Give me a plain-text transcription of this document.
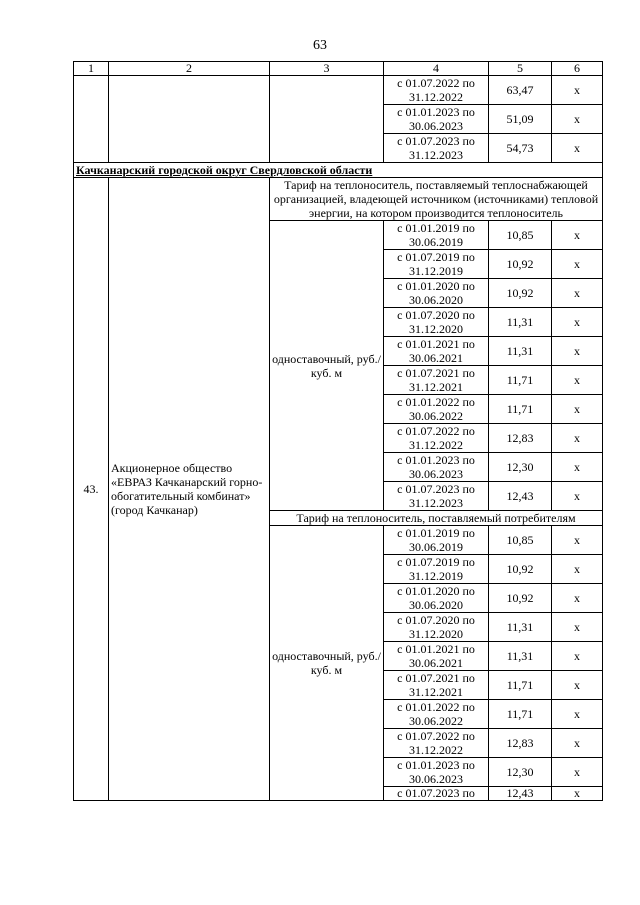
63
1	2	3	4	5	6
			с 01.07.2022 по 31.12.2022	63,47	x
			с 01.01.2023 по 30.06.2023	51,09	x
			с 01.07.2023 по 31.12.2023	54,73	x
Качканарский городской округ Свердловской области					
43.	Акционерное общество «ЕВРАЗ Качканарский горно-обогатительный комбинат» (город Качканар)	Тариф на теплоноситель, поставляемый теплоснабжающей организацией, владеющей источником (источниками) тепловой энергии, на котором производится теплоноситель			
		одноставочный, руб./куб. м	с 01.01.2019 по 30.06.2019	10,85	x
			с 01.07.2019 по 31.12.2019	10,92	x
			с 01.01.2020 по 30.06.2020	10,92	x
			с 01.07.2020 по 31.12.2020	11,31	x
			с 01.01.2021 по 30.06.2021	11,31	x
			с 01.07.2021 по 31.12.2021	11,71	x
			с 01.01.2022 по 30.06.2022	11,71	x
			с 01.07.2022 по 31.12.2022	12,83	x
			с 01.01.2023 по 30.06.2023	12,30	x
			с 01.07.2023 по 31.12.2023	12,43	x
		Тариф на теплоноситель, поставляемый потребителям			
		одноставочный, руб./куб. м	с 01.01.2019 по 30.06.2019	10,85	x
			с 01.07.2019 по 31.12.2019	10,92	x
			с 01.01.2020 по 30.06.2020	10,92	x
			с 01.07.2020 по 31.12.2020	11,31	x
			с 01.01.2021 по 30.06.2021	11,31	x
			с 01.07.2021 по 31.12.2021	11,71	x
			с 01.01.2022 по 30.06.2022	11,71	x
			с 01.07.2022 по 31.12.2022	12,83	x
			с 01.01.2023 по 30.06.2023	12,30	x
			с 01.07.2023 по	12,43	x
